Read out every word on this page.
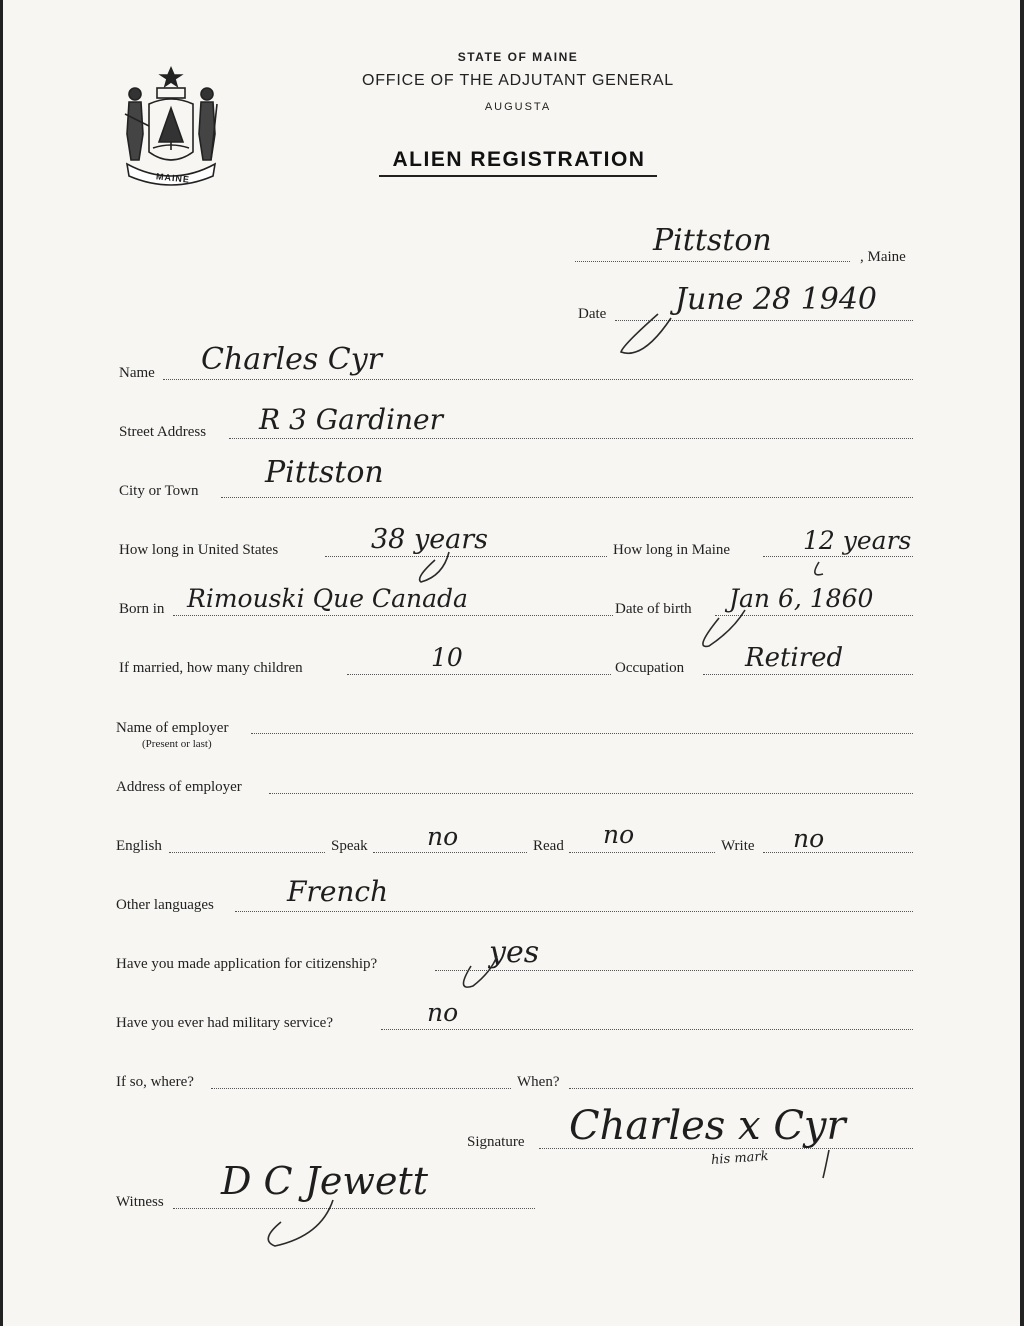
MAINE
STATE OF MAINE
OFFICE OF THE ADJUTANT GENERAL
AUGUSTA
ALIEN REGISTRATION
Pittston	, Maine
Date June 28 1940
Name Charles Cyr
Street Address R 3 Gardiner
City or Town
Pittston
How long in United States	38 years	How long in Maine	12 years
Born in Rimouski Que Canada	Date of birth Jan 6, 1860
If married, how many children	10	Occupation Retired
Name of employer
(Present or last)
Address of employer
English	Speak no	Read no	Write no
Other languages	French
Have you made application for citizenship?	yes
Have you ever had military service?	no
If so, where?	When?
Signature Charles x Cyr
his mark
Witness D C Jewett
